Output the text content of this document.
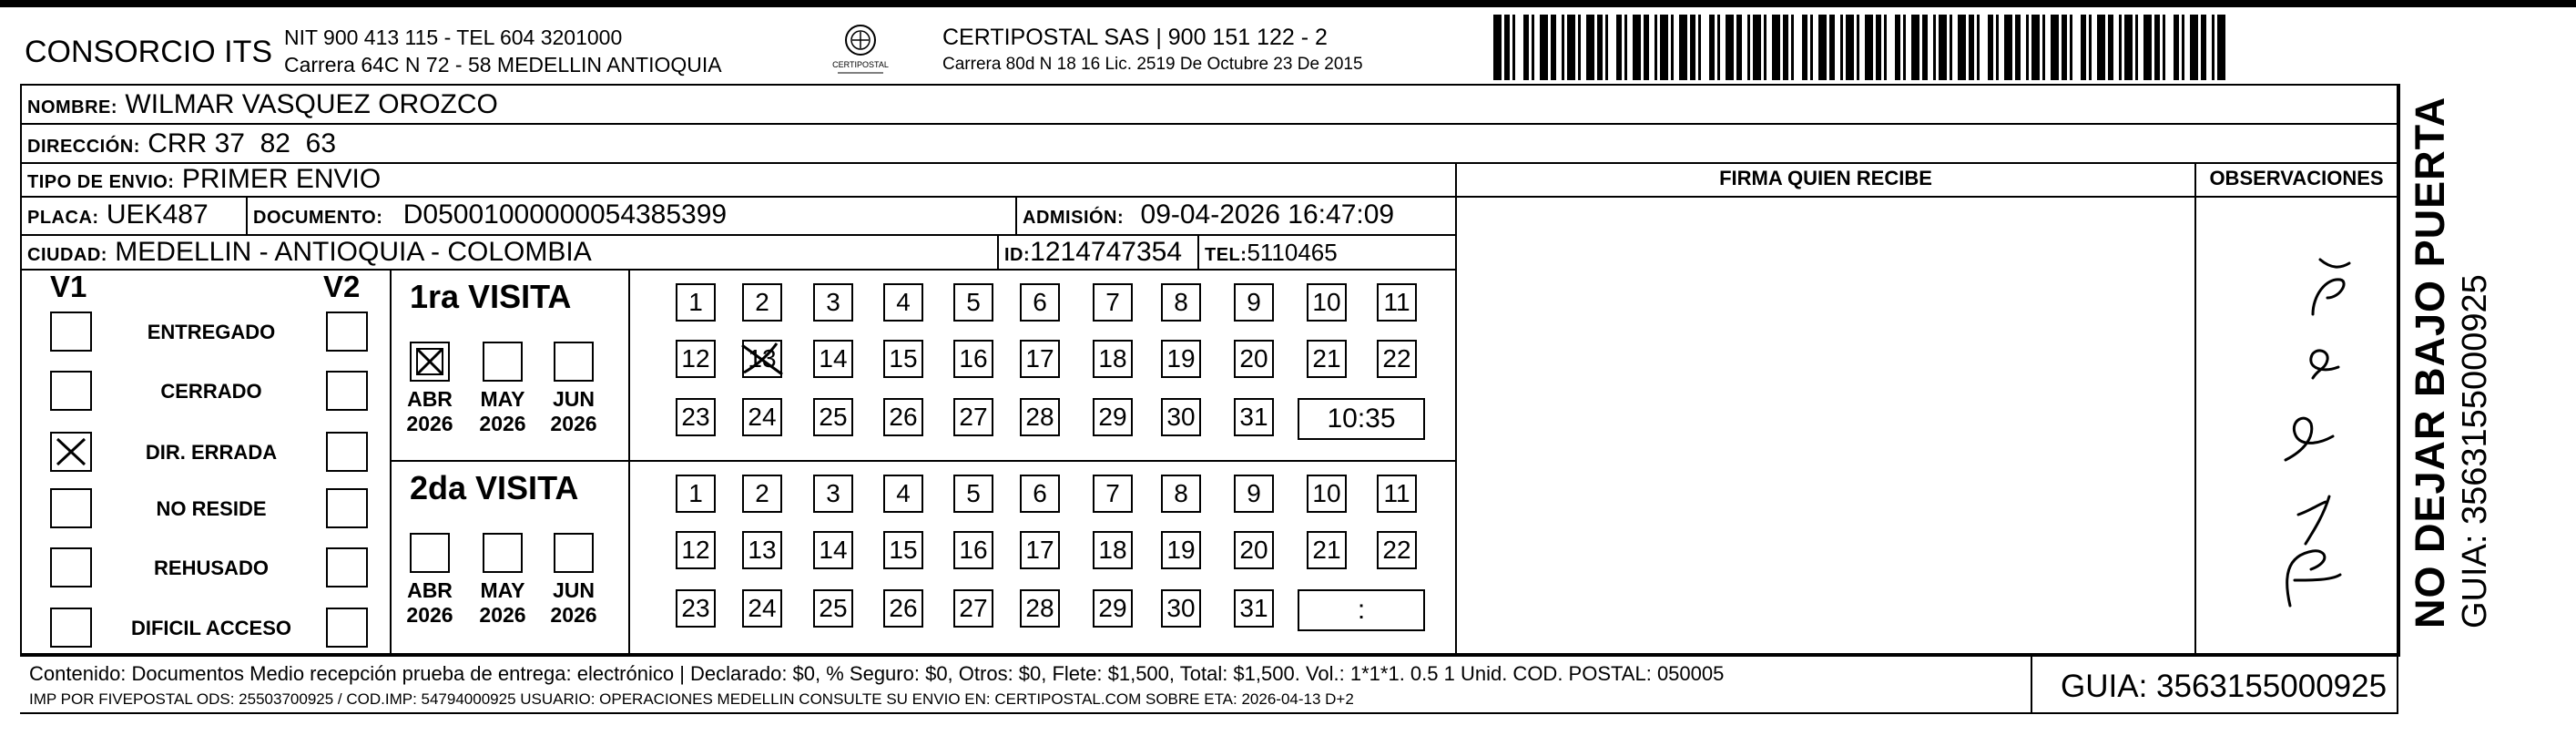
CONSORCIO ITS NIT 900 413 115 - TEL 604 3201000
Carrera 64C N 72 - 58 MEDELLIN ANTIOQUIA	CERTIPOSTAL
CERTIPOSTAL SAS | 900 151 122 - 2
Carrera 80d N 18 16 Lic. 2519 De Octubre 23 De 2015
NOMBRE: WILMAR VASQUEZ OROZCO
DIRECCIÓN: CRR 37  82  63
TIPO DE ENVIO: PRIMER ENVIO
PLACA: UEK487 DOCUMENTO: D05001000000054385399	ADMISIÓN: 09-04-2026 16:47:09
CIUDAD: MEDELLIN - ANTIOQUIA - COLOMBIA	ID:1214747354 TEL:5110465
FIRMA QUIEN RECIBE	OBSERVACIONES
V1	V2
ENTREGADO
CERRADO
DIR. ERRADA
NO RESIDE
REHUSADO
DIFICIL ACCESO
1ra VISITA
ABR
2026
MAY
2026
JUN
2026
1	2	3	4	5	6	7	8	9	10 11
12 13 14 15 16 17 18 19 20 21 22
23 24 25 26 27 28 29 30 31	10:35
2da VISITA
ABR
2026
MAY
2026
JUN
2026
1	2	3	4	5	6	7	8	9	10 11
12 13 14 15 16 17 18 19 20 21 22
23 24 25 26 27 28 29 30 31	:
Contenido: Documentos Medio recepción prueba de entrega: electrónico | Declarado: $0, % Seguro: $0, Otros: $0, Flete: $1,500, Total: $1,500. Vol.: 1*1*1. 0.5 1 Unid. COD. POSTAL: 050005
IMP POR FIVEPOSTAL ODS: 25503700925 / COD.IMP: 54794000925 USUARIO: OPERACIONES MEDELLIN CONSULTE SU ENVIO EN: CERTIPOSTAL.COM SOBRE ETA: 2026-04-13 D+2	GUIA: 3563155000925
NO DEJAR BAJO PUERTA GUIA: 3563155000925
